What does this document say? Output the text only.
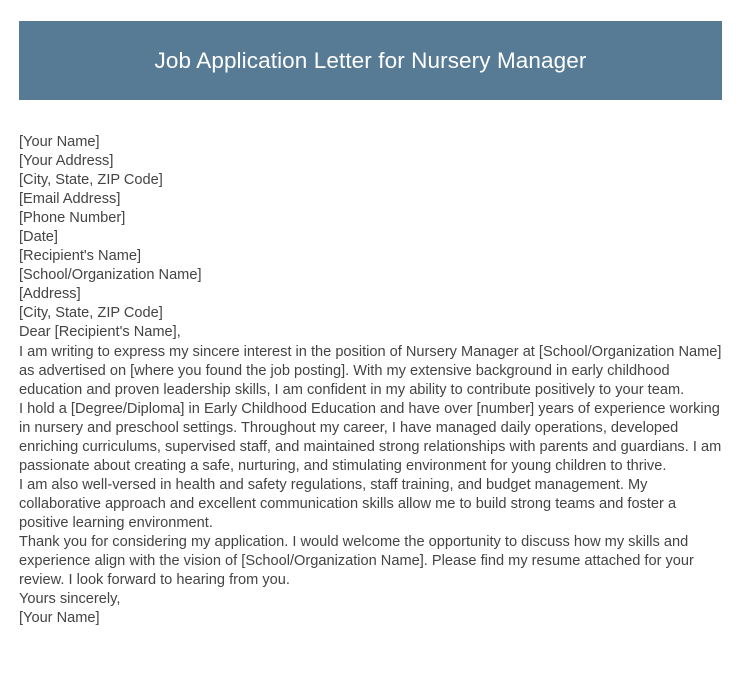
Job Application Letter for Nursery Manager
[Your Name]
[Your Address]
[City, State, ZIP Code]
[Email Address]
[Phone Number]
[Date]
[Recipient's Name]
[School/Organization Name]
[Address]
[City, State, ZIP Code]
Dear [Recipient's Name],

I am writing to express my sincere interest in the position of Nursery Manager at [School/Organization Name] as advertised on [where you found the job posting]. With my extensive background in early childhood education and proven leadership skills, I am confident in my ability to contribute positively to your team.

I hold a [Degree/Diploma] in Early Childhood Education and have over [number] years of experience working in nursery and preschool settings. Throughout my career, I have managed daily operations, developed enriching curriculums, supervised staff, and maintained strong relationships with parents and guardians. I am passionate about creating a safe, nurturing, and stimulating environment for young children to thrive.

I am also well-versed in health and safety regulations, staff training, and budget management. My collaborative approach and excellent communication skills allow me to build strong teams and foster a positive learning environment.

Thank you for considering my application. I would welcome the opportunity to discuss how my skills and experience align with the vision of [School/Organization Name]. Please find my resume attached for your review. I look forward to hearing from you.

Yours sincerely,
[Your Name]
